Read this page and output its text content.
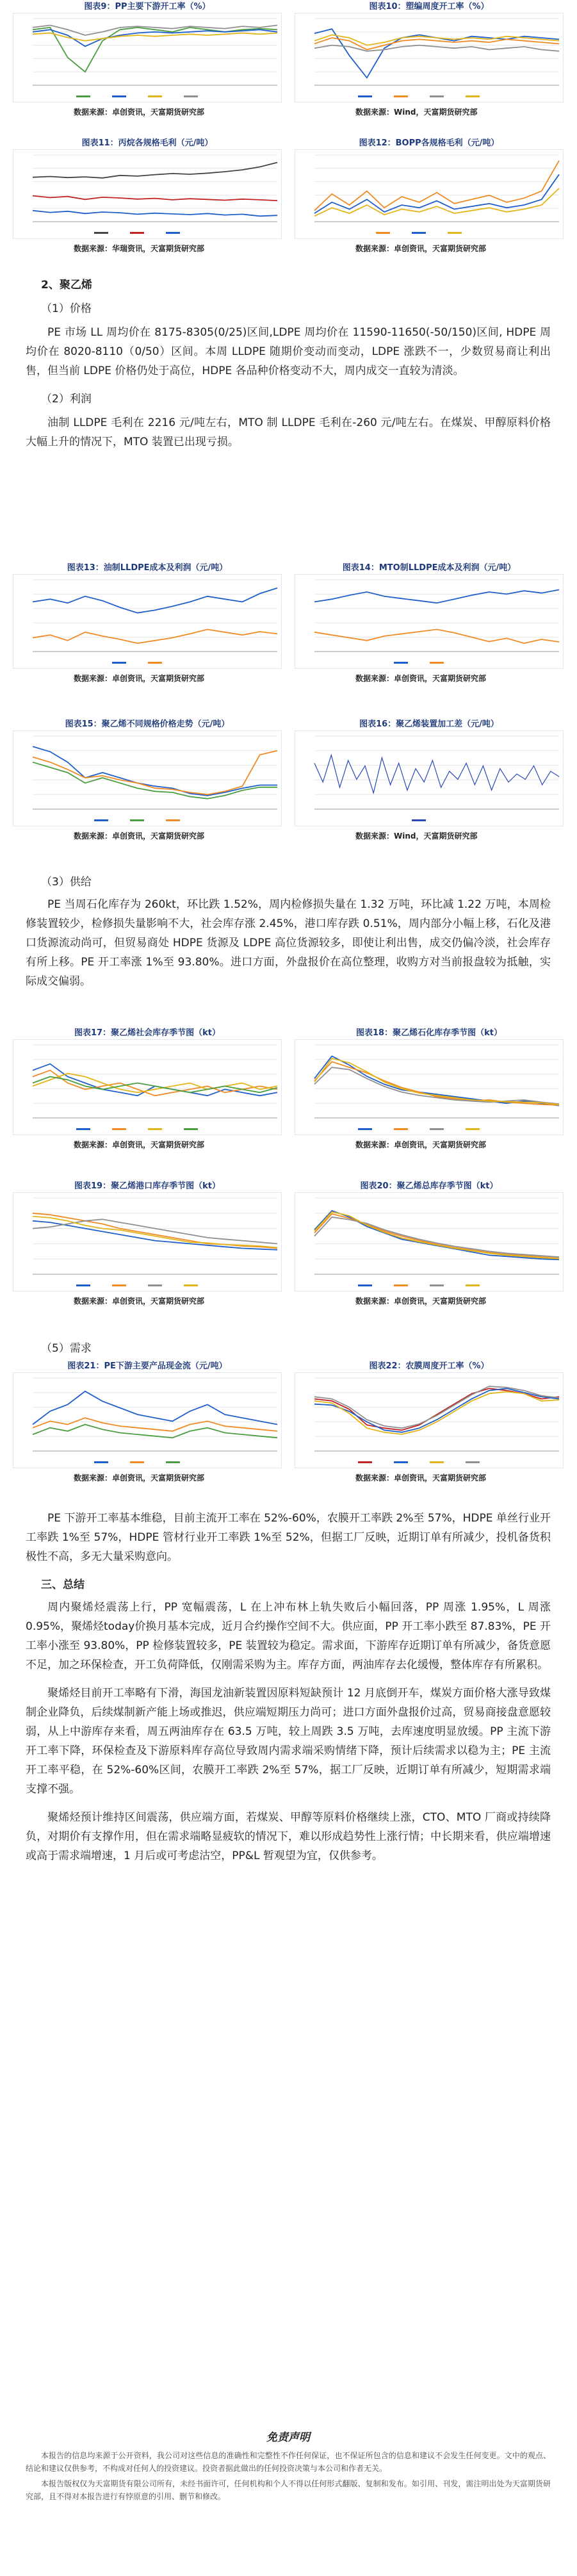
图表9：PP主要下游开工率（%）
数据来源：卓创资讯，天富期货研究部
图表10：塑编周度开工率（%）
数据来源：Wind，天富期货研究部
图表11：丙烷各规格毛利（元/吨）
数据来源：华瑞资讯，天富期货研究部
图表12：BOPP各规格毛利（元/吨）
数据来源：卓创资讯，天富期货研究部

2、聚乙烯

（1）价格

PE 市场 LL 周均价在 8175-8305(0/25)区间,LDPE 周均价在 11590-11650(-50/150)区间, HDPE 周均价在 8020-8110（0/50）区间。本周 LLDPE 随期价变动而变动，LDPE 涨跌不一，少数贸易商让利出售，但当前 LDPE 价格仍处于高位，HDPE 各品种价格变动不大，周内成交一直较为清淡。

（2）利润

油制 LLDPE 毛利在 2216 元/吨左右，MTO 制 LLDPE 毛利在-260 元/吨左右。在煤炭、甲醇原料价格大幅上升的情况下，MTO 装置已出现亏损。

图表13：油制LLDPE成本及利润（元/吨）
数据来源：卓创资讯，天富期货研究部
图表14：MTO制LLDPE成本及利润（元/吨）
数据来源：卓创资讯，天富期货研究部
图表15：聚乙烯不同规格价格走势（元/吨）
数据来源：卓创资讯，天富期货研究部
图表16：聚乙烯装置加工差（元/吨）
数据来源：Wind，天富期货研究部

（3）供给

PE 当周石化库存为 260kt，环比跌 1.52%，周内检修损失量在 1.32 万吨，环比减 1.22 万吨，本周检修装置较少，检修损失量影响不大，社会库存涨 2.45%，港口库存跌 0.51%，周内部分小幅上移，石化及港口货源流动尚可，但贸易商处 HDPE 货源及 LDPE 高位货源较多，即使让利出售，成交仍偏冷淡，社会库存有所上移。PE 开工率涨 1%至 93.80%。进口方面，外盘报价在高位整理，收购方对当前报盘较为抵触，实际成交偏弱。

图表17：聚乙烯社会库存季节图（kt）
数据来源：卓创资讯，天富期货研究部
图表18：聚乙烯石化库存季节图（kt）
数据来源：卓创资讯，天富期货研究部
图表19：聚乙烯港口库存季节图（kt）
数据来源：卓创资讯，天富期货研究部
图表20：聚乙烯总库存季节图（kt）
数据来源：卓创资讯，天富期货研究部

（5）需求

图表21：PE下游主要产品现金流（元/吨）
数据来源：卓创资讯，天富期货研究部
图表22：农膜周度开工率（%）
数据来源：卓创资讯，天富期货研究部

PE 下游开工率基本维稳，目前主流开工率在 52%-60%，农膜开工率跌 2%至 57%，HDPE 单丝行业开工率跌 1%至 57%，HDPE 管材行业开工率跌 1%至 52%，但据工厂反映，近期订单有所减少，投机备货积极性不高，多无大量采购意向。

三、总结

周内聚烯烃震荡上行，PP 宽幅震荡，L 在上冲布林上轨失败后小幅回落，PP 周涨 1.95%，L 周涨 0.95%，聚烯烃today价换月基本完成，近月合约操作空间不大。供应面，PP 开工率小跌至 87.83%，PE 开工率小涨至 93.80%，PP 检修装置较多，PE 装置较为稳定。需求面，下游库存近期订单有所减少，备货意愿不足，加之环保检查，开工负荷降低，仅刚需采购为主。库存方面，两油库存去化缓慢，整体库存有所累积。

聚烯烃目前开工率略有下滑，海国龙油新装置因原料短缺预计 12 月底倒开车，煤炭方面价格大涨导致煤制企业降负，后续煤制新产能上场或推迟，供应端短期压力尚可；进口方面外盘报价过高，贸易商接盘意愿较弱，从上中游库存来看，周五两油库存在 63.5 万吨，较上周跌 3.5 万吨，去库速度明显放缓。PP 主流下游开工率下降，环保检查及下游原料库存高位导致周内需求端采购情绪下降，预计后续需求以稳为主；PE 主流开工率平稳，在 52%-60%区间，农膜开工率跌 2%至 57%，据工厂反映，近期订单有所减少，短期需求端支撑不强。

聚烯烃预计维持区间震荡，供应端方面，若煤炭、甲醇等原料价格继续上涨，CTO、MTO 厂商或持续降负，对期价有支撑作用，但在需求端略显疲软的情况下，难以形成趋势性上涨行情；中长期来看，供应端增速或高于需求端增速，1 月后或可考虑沽空，PP&L 暂观望为宜，仅供参考。

免责声明

本报告的信息均来源于公开资料，我公司对这些信息的准确性和完整性不作任何保证，也不保证所包含的信息和建议不会发生任何变更。文中的观点、结论和建议仅供参考，不构成对任何人的投资建议。投资者据此做出的任何投资决策与本公司和作者无关。

本报告版权仅为天富期货有限公司所有，未经书面许可，任何机构和个人不得以任何形式翻版、复制和发布。如引用、刊发，需注明出处为天富期货研究部，且不得对本报告进行有悖原意的引用、删节和修改。
